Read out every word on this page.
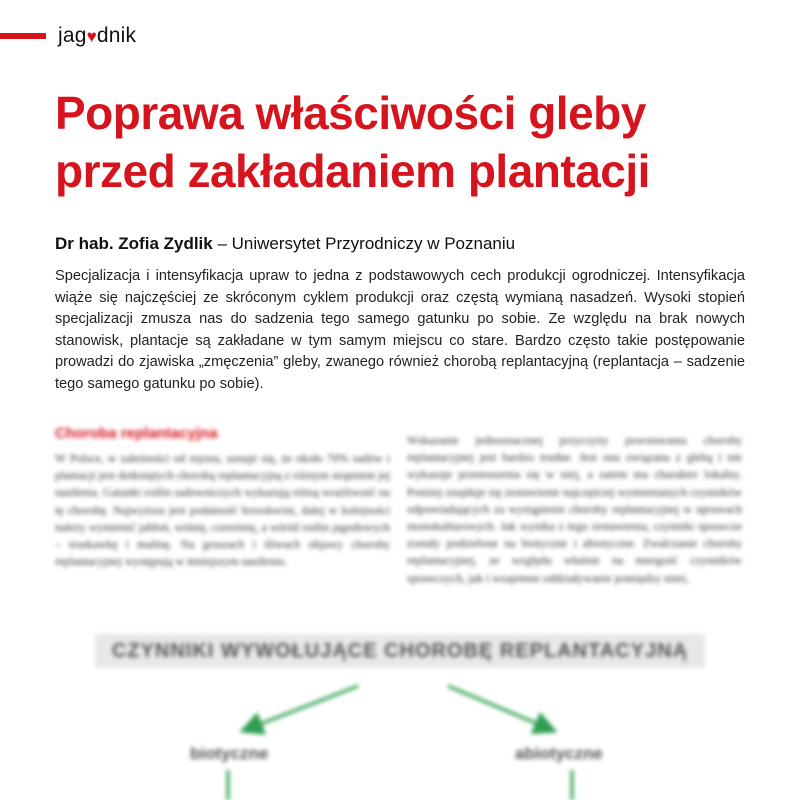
jag♥dnik
Poprawa właściwości gleby
przed zakładaniem plantacji
Dr hab. Zofia Zydlik – Uniwersytet Przyrodniczy w Poznaniu

Specjalizacja i intensyfikacja upraw to jedna z podstawowych cech produkcji ogrodniczej. Intensyfikacja wiąże się najczęściej ze skróconym cyklem produkcji oraz częstą wymianą nasadzeń. Wysoki stopień specjalizacji zmusza nas do sadzenia tego samego gatunku po sobie. Ze względu na brak nowych stanowisk, plantacje są zakładane w tym samym miejscu co stare. Bardzo często takie postępowanie prowadzi do zjawiska „zmęczenia” gleby, zwanego również chorobą replantacyjną (replantacja – sadzenie tego samego gatunku po sobie).

Choroba replantacyjna

W Polsce, w zależności od rejonu, uznaje się, że około 70% sadów i plantacji jest dotkniętych chorobą replantacyjną z różnym stopniem jej nasilenia. Gatunki roślin sadowniczych wykazują różną wrażliwość na tę chorobę. Najwyższa jest podatność brzoskwini, dalej w kolejności należy wymienić jabłoń, wiśnię, czereśnię, a wśród roślin jagodowych – truskawkę i malinę. Na gruszach i śliwach objawy choroby replantacyjnej występują w mniejszym nasileniu.

Wskazanie jednoznacznej przyczyny powstawania choroby replantacyjnej jest bardzo trudne. Jest ona związana z glebą i nie wykazuje przenoszenia się w niej, a zatem ma charakter lokalny. Poniżej znajduje się zestawienie najczęściej wymienianych czynników odpowiadających za wystąpienie choroby replantacyjnej w uprawach monokulturowych. Jak wynika z tego zestawienia, czynniki sprawcze zostały podzielone na biotyczne i abiotyczne. Zwalczanie choroby replantacyjnej, ze względu właśnie na mnogość czynników sprawczych, jak i wzajemne oddziaływanie pomiędzy nimi,

CZYNNIKI WYWOŁUJĄCE CHOROBĘ REPLANTACYJNĄ
biotyczne	abiotyczne
